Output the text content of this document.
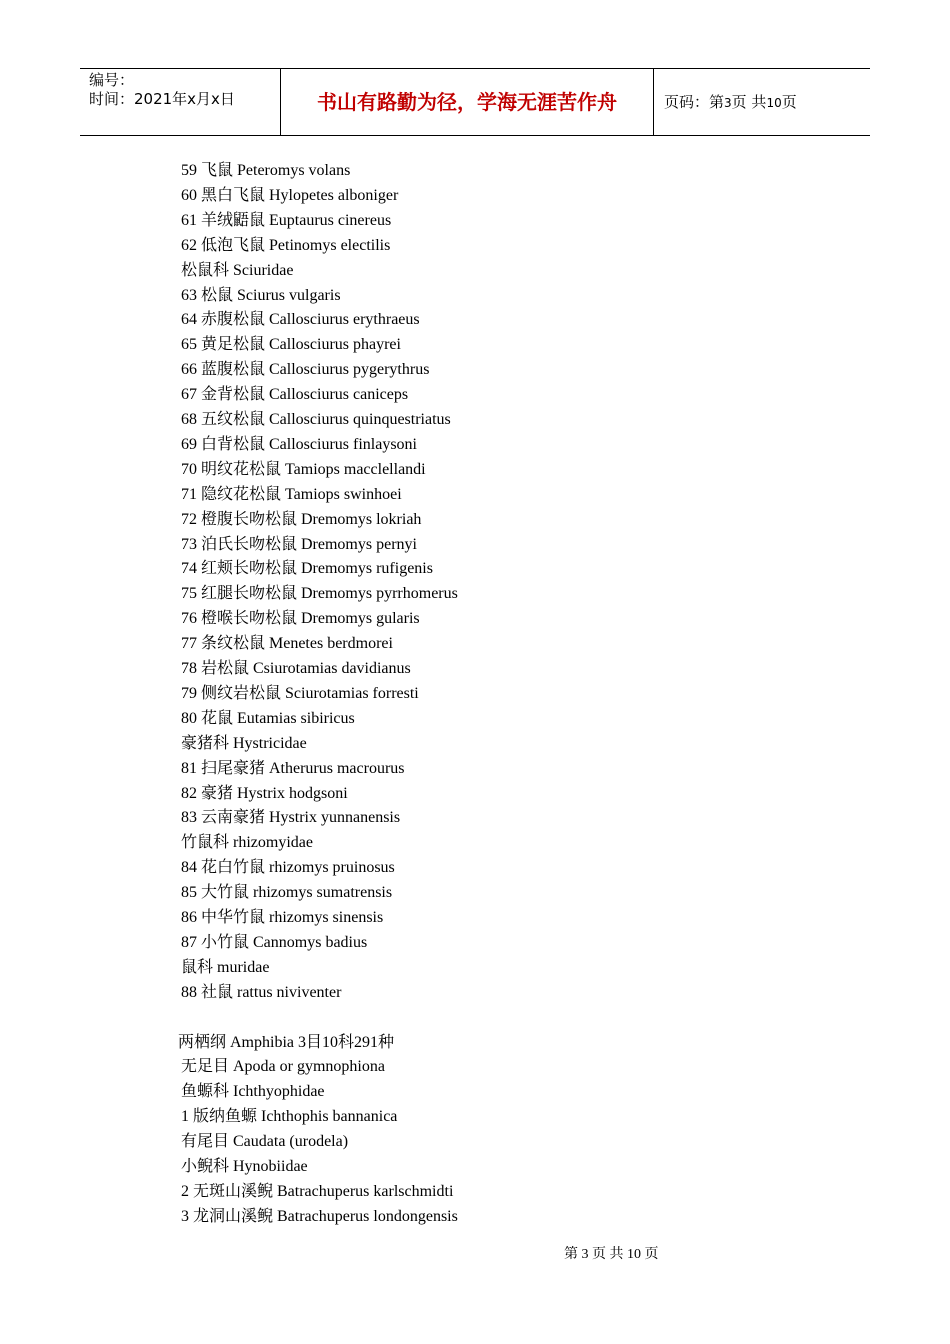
编号：
时间：2021年x月x日	书山有路勤为径，学海无涯苦作舟	页码：第3页 共10页
59 飞鼠 Peteromys volans
60 黑白飞鼠 Hylopetes alboniger
61 羊绒鼯鼠 Euptaurus cinereus
62 低泡飞鼠 Petinomys electilis
松鼠科 Sciuridae
63 松鼠 Sciurus vulgaris
64 赤腹松鼠 Callosciurus erythraeus
65 黄足松鼠 Callosciurus phayrei
66 蓝腹松鼠 Callosciurus pygerythrus
67 金背松鼠 Callosciurus caniceps
68 五纹松鼠 Callosciurus quinquestriatus
69 白背松鼠 Callosciurus finlaysoni
70 明纹花松鼠 Tamiops macclellandi
71 隐纹花松鼠 Tamiops swinhoei
72 橙腹长吻松鼠 Dremomys lokriah
73 泊氏长吻松鼠 Dremomys pernyi
74 红颊长吻松鼠 Dremomys rufigenis
75 红腿长吻松鼠 Dremomys pyrrhomerus
76 橙喉长吻松鼠 Dremomys gularis
77 条纹松鼠 Menetes berdmorei
78 岩松鼠 Csiurotamias davidianus
79 侧纹岩松鼠 Sciurotamias forresti
80 花鼠 Eutamias sibiricus
豪猪科 Hystricidae
81 扫尾豪猪 Atherurus macrourus
82 豪猪 Hystrix hodgsoni
83 云南豪猪 Hystrix yunnanensis
竹鼠科 rhizomyidae
84 花白竹鼠 rhizomys pruinosus
85 大竹鼠 rhizomys sumatrensis
86 中华竹鼠 rhizomys sinensis
87 小竹鼠 Cannomys badius
鼠科 muridae
88 社鼠 rattus niviventer
两栖纲 Amphibia 3目10科291种
无足目 Apoda or gymnophiona
鱼螈科 Ichthyophidae
1 版纳鱼螈 Ichthophis bannanica
有尾目 Caudata (urodela)
小鲵科 Hynobiidae
2 无斑山溪鲵 Batrachuperus karlschmidti
3 龙洞山溪鲵 Batrachuperus londongensis
第 3 页 共 10 页
